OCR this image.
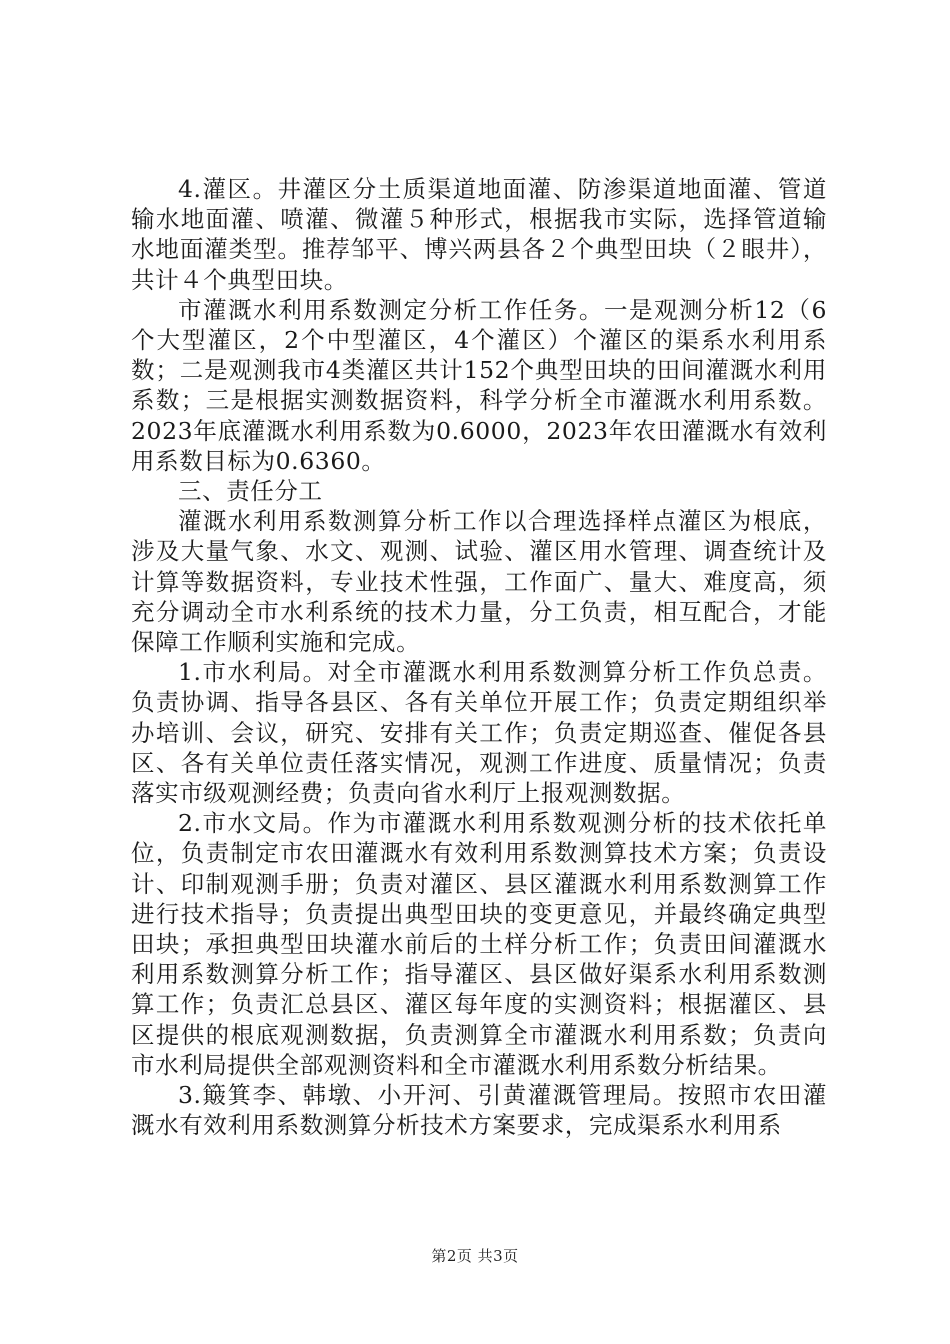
4.灌区。井灌区分土质渠道地面灌、防渗渠道地面灌、管道输水地面灌、喷灌、微灌５种形式，根据我市实际，选择管道输水地面灌类型。推荐邹平、博兴两县各２个典型田块（２眼井），共计４个典型田块。

市灌溉水利用系数测定分析工作任务。一是观测分析12（6个大型灌区，2个中型灌区，4个灌区）个灌区的渠系水利用系数；二是观测我市4类灌区共计152个典型田块的田间灌溉水利用系数；三是根据实测数据资料，科学分析全市灌溉水利用系数。2023年底灌溉水利用系数为0.6000，2023年农田灌溉水有效利用系数目标为0.6360。

三、责任分工

灌溉水利用系数测算分析工作以合理选择样点灌区为根底，涉及大量气象、水文、观测、试验、灌区用水管理、调查统计及计算等数据资料，专业技术性强，工作面广、量大、难度高，须充分调动全市水利系统的技术力量，分工负责，相互配合，才能保障工作顺利实施和完成。

1.市水利局。对全市灌溉水利用系数测算分析工作负总责。负责协调、指导各县区、各有关单位开展工作；负责定期组织举办培训、会议，研究、安排有关工作；负责定期巡查、催促各县区、各有关单位责任落实情况，观测工作进度、质量情况；负责落实市级观测经费；负责向省水利厅上报观测数据。

2.市水文局。作为市灌溉水利用系数观测分析的技术依托单位，负责制定市农田灌溉水有效利用系数测算技术方案；负责设计、印制观测手册；负责对灌区、县区灌溉水利用系数测算工作进行技术指导；负责提出典型田块的变更意见，并最终确定典型田块；承担典型田块灌水前后的土样分析工作；负责田间灌溉水利用系数测算分析工作；指导灌区、县区做好渠系水利用系数测算工作；负责汇总县区、灌区每年度的实测资料；根据灌区、县区提供的根底观测数据，负责测算全市灌溉水利用系数；负责向市水利局提供全部观测资料和全市灌溉水利用系数分析结果。

3.簸箕李、韩墩、小开河、引黄灌溉管理局。按照市农田灌溉水有效利用系数测算分析技术方案要求，完成渠系水利用系

第2页 共3页
